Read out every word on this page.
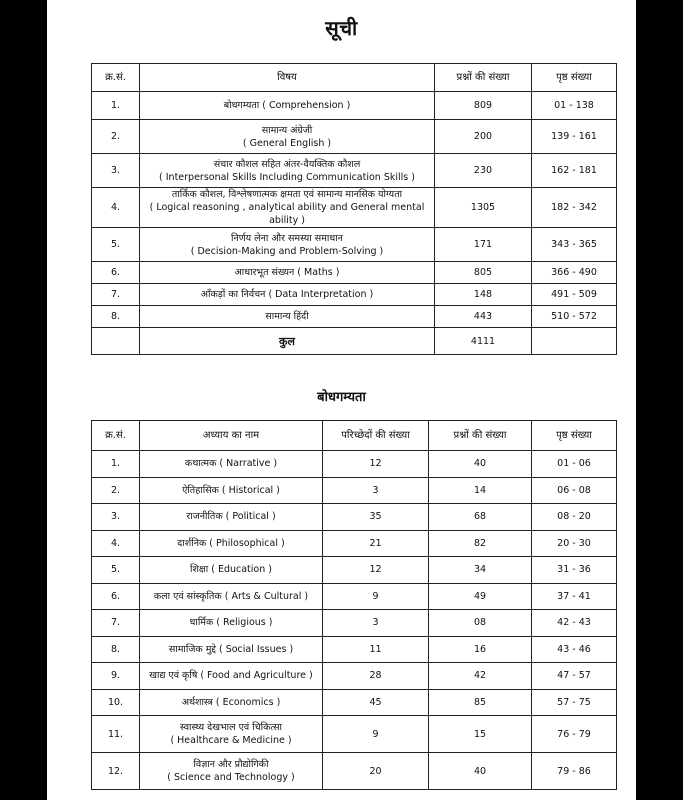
सूची
क्र.सं.	विषय	प्रश्नों की संख्या	पृष्ठ संख्या
1.	बोधगम्यता ( Comprehension )	809	01 - 138
2.	सामान्य अंग्रेजी
( General English )	200	139 - 161
3.	संचार कौशल सहित अंतर-वैयक्तिक कौशल
( Interpersonal Skills Including Communication Skills )	230	162 - 181
4.	तार्किक कौशल, विश्लेषणात्मक क्षमता एवं सामान्य मानसिक योग्यता
( Logical reasoning , analytical ability and General mental ability )	1305	182 - 342
5.	निर्णय लेना और समस्या समाधान
( Decision-Making and Problem-Solving )	171	343 - 365
6.	आधारभूत संख्यन ( Maths )	805	366 - 490
7.	आँकड़ों का निर्वचन ( Data Interpretation )	148	491 - 509
8.	सामान्य हिंदी	443	510 - 572
	कुल	4111	
बोधगम्यता
क्र.सं.	अध्याय का नाम	परिच्छेदों की संख्या	प्रश्नों की संख्या	पृष्ठ संख्या
1.	कथात्मक ( Narrative )	12	40	01 - 06
2.	ऐतिहासिक ( Historical )	3	14	06 - 08
3.	राजनीतिक ( Political )	35	68	08 - 20
4.	दार्शनिक ( Philosophical )	21	82	20 - 30
5.	शिक्षा ( Education )	12	34	31 - 36
6.	कला एवं सांस्कृतिक ( Arts & Cultural )	9	49	37 - 41
7.	धार्मिक ( Religious )	3	08	42 - 43
8.	सामाजिक मुद्दे ( Social Issues )	11	16	43 - 46
9.	खाद्य एवं कृषि ( Food and Agriculture )	28	42	47 - 57
10.	अर्थशास्त्र ( Economics )	45	85	57 - 75
11.	स्वास्थ्य देखभाल एवं चिकित्सा
( Healthcare & Medicine )	9	15	76 - 79
12.	विज्ञान और प्रौद्योगिकी
( Science and Technology )	20	40	79 - 86
